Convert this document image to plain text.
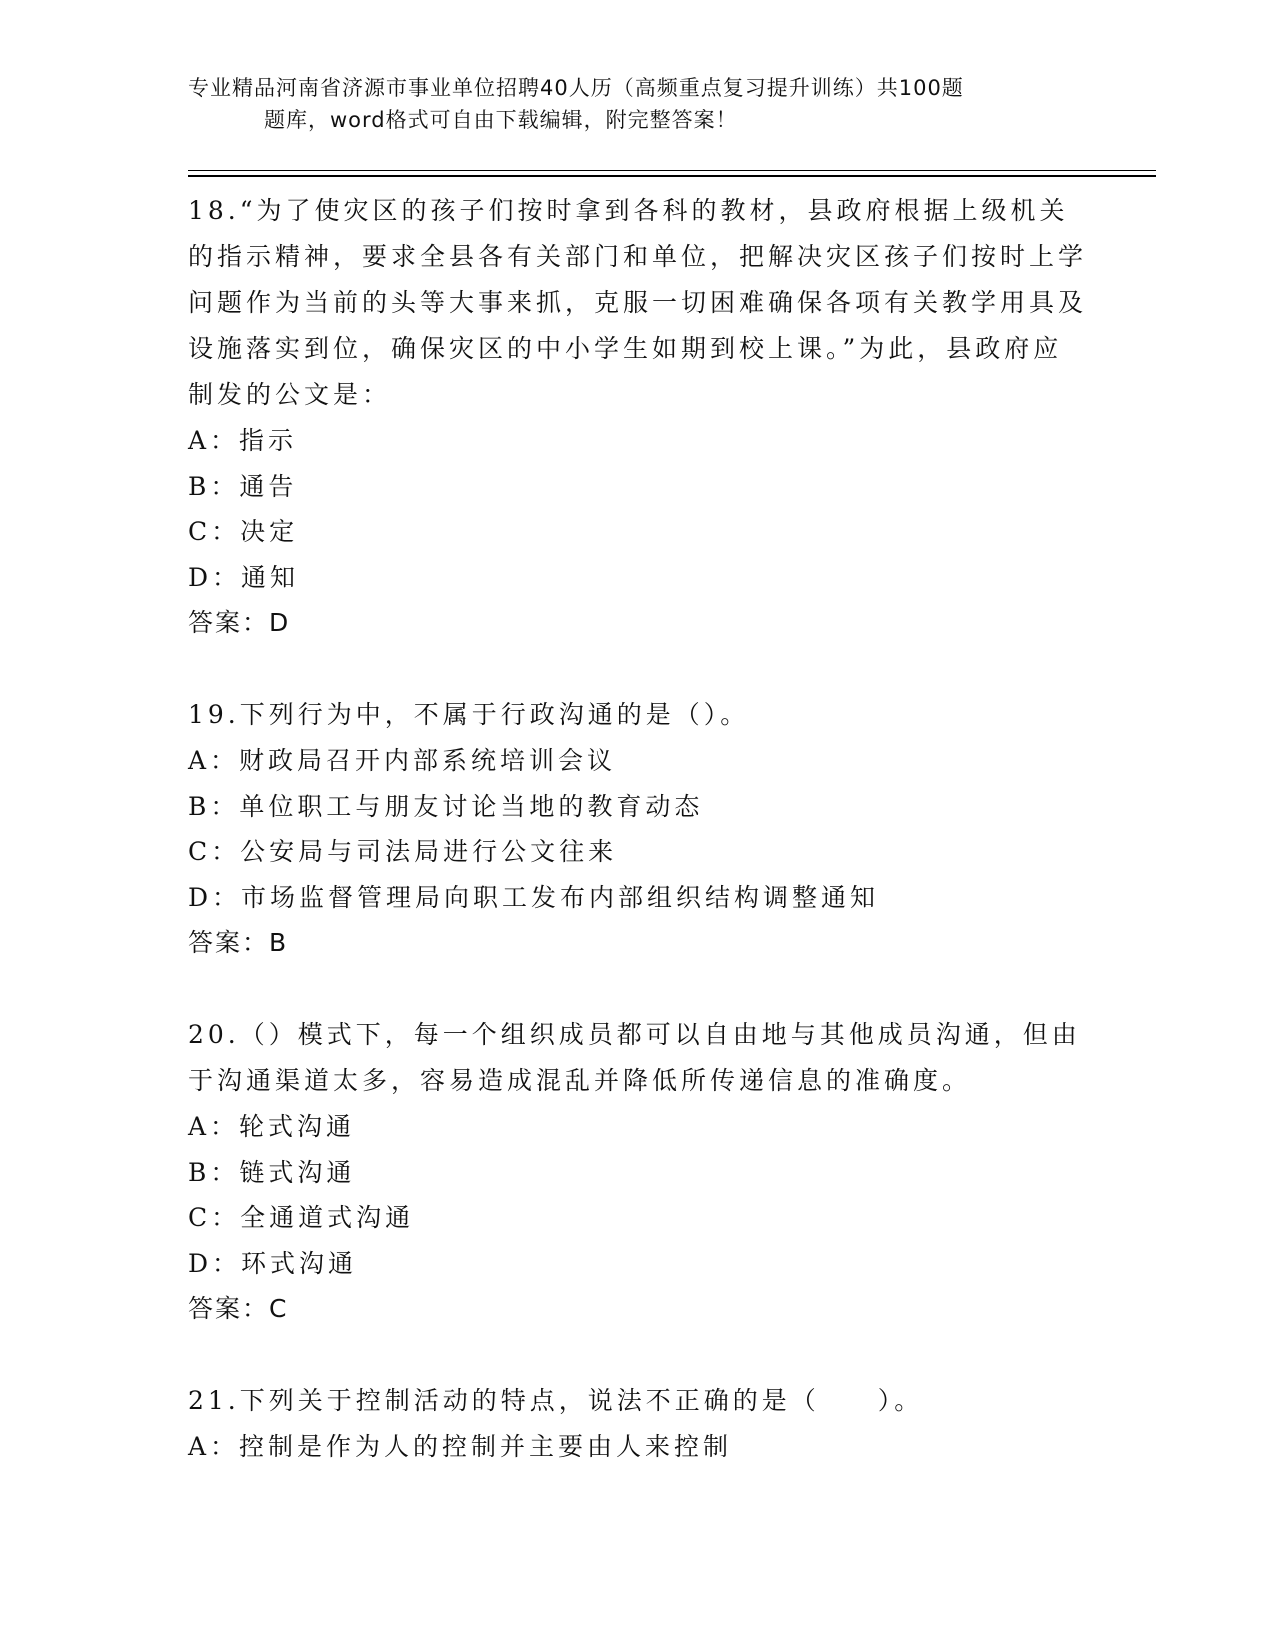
专业精品河南省济源市事业单位招聘40人历（高频重点复习提升训练）共100题
题库，word格式可自由下载编辑，附完整答案！

18.“为了使灾区的孩子们按时拿到各科的教材，县政府根据上级机关的指示精神，要求全县各有关部门和单位，把解决灾区孩子们按时上学问题作为当前的头等大事来抓，克服一切困难确保各项有关教学用具及设施落实到位，确保灾区的中小学生如期到校上课。”为此，县政府应制发的公文是：

A：指示

B：通告

C：决定

D：通知

答案：D

19.下列行为中，不属于行政沟通的是（）。

A：财政局召开内部系统培训会议

B：单位职工与朋友讨论当地的教育动态

C：公安局与司法局进行公文往来

D：市场监督管理局向职工发布内部组织结构调整通知

答案：B

20.（）模式下，每一个组织成员都可以自由地与其他成员沟通，但由于沟通渠道太多，容易造成混乱并降低所传递信息的准确度。

A：轮式沟通

B：链式沟通

C：全通道式沟通

D：环式沟通

答案：C

21.下列关于控制活动的特点，说法不正确的是（　　）。

A：控制是作为人的控制并主要由人来控制
